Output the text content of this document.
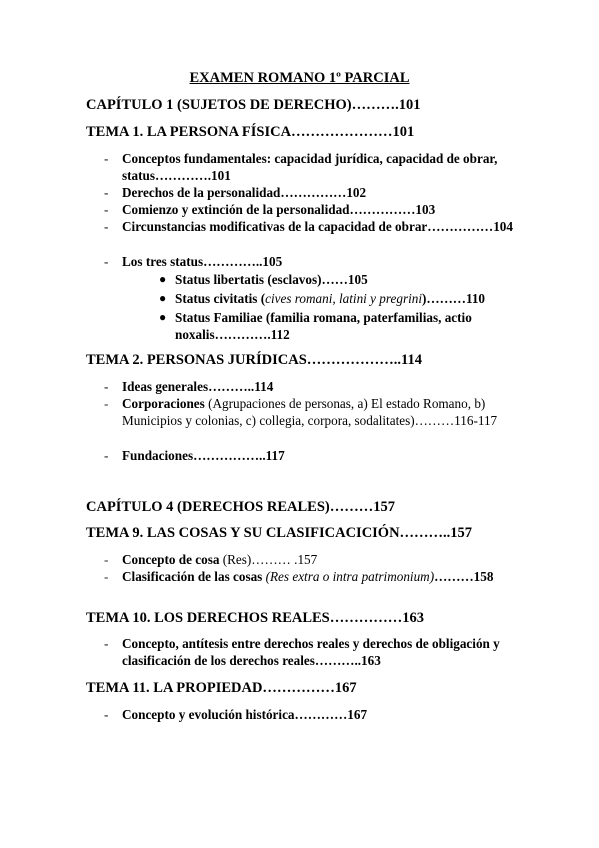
EXAMEN ROMANO 1º PARCIAL
CAPÍTULO 1 (SUJETOS DE DERECHO)……….101
TEMA 1. LA PERSONA FÍSICA…………………101
- Conceptos fundamentales: capacidad jurídica, capacidad de obrar, status………….101
- Derechos de la personalidad……………102
- Comienzo y extinción de la personalidad……………103
- Circunstancias modificativas de la capacidad de obrar……………104
- Los tres status…………..105
● Status libertatis (esclavos)……105
● Status civitatis (cives romani, latini y pregrini)………110
● Status Familiae (familia romana, paterfamilias, actio noxalis………….112
TEMA 2. PERSONAS JURÍDICAS………………..114
- Ideas generales………..114
- Corporaciones (Agrupaciones de personas, a) El estado Romano, b) Municipios y colonias, c) collegia, corpora, sodalitates)………116-117
- Fundaciones……………..117
CAPÍTULO 4 (DERECHOS REALES)………157
TEMA 9. LAS COSAS Y SU CLASIFICACICIÓN………..157
- Concepto de cosa (Res)……… .157
- Clasificación de las cosas (Res extra o intra patrimonium)………158
TEMA 10. LOS DERECHOS REALES……………163
- Concepto, antítesis entre derechos reales y derechos de obligación y clasificación de los derechos reales………..163
TEMA 11. LA PROPIEDAD……………167
- Concepto y evolución histórica…………167
